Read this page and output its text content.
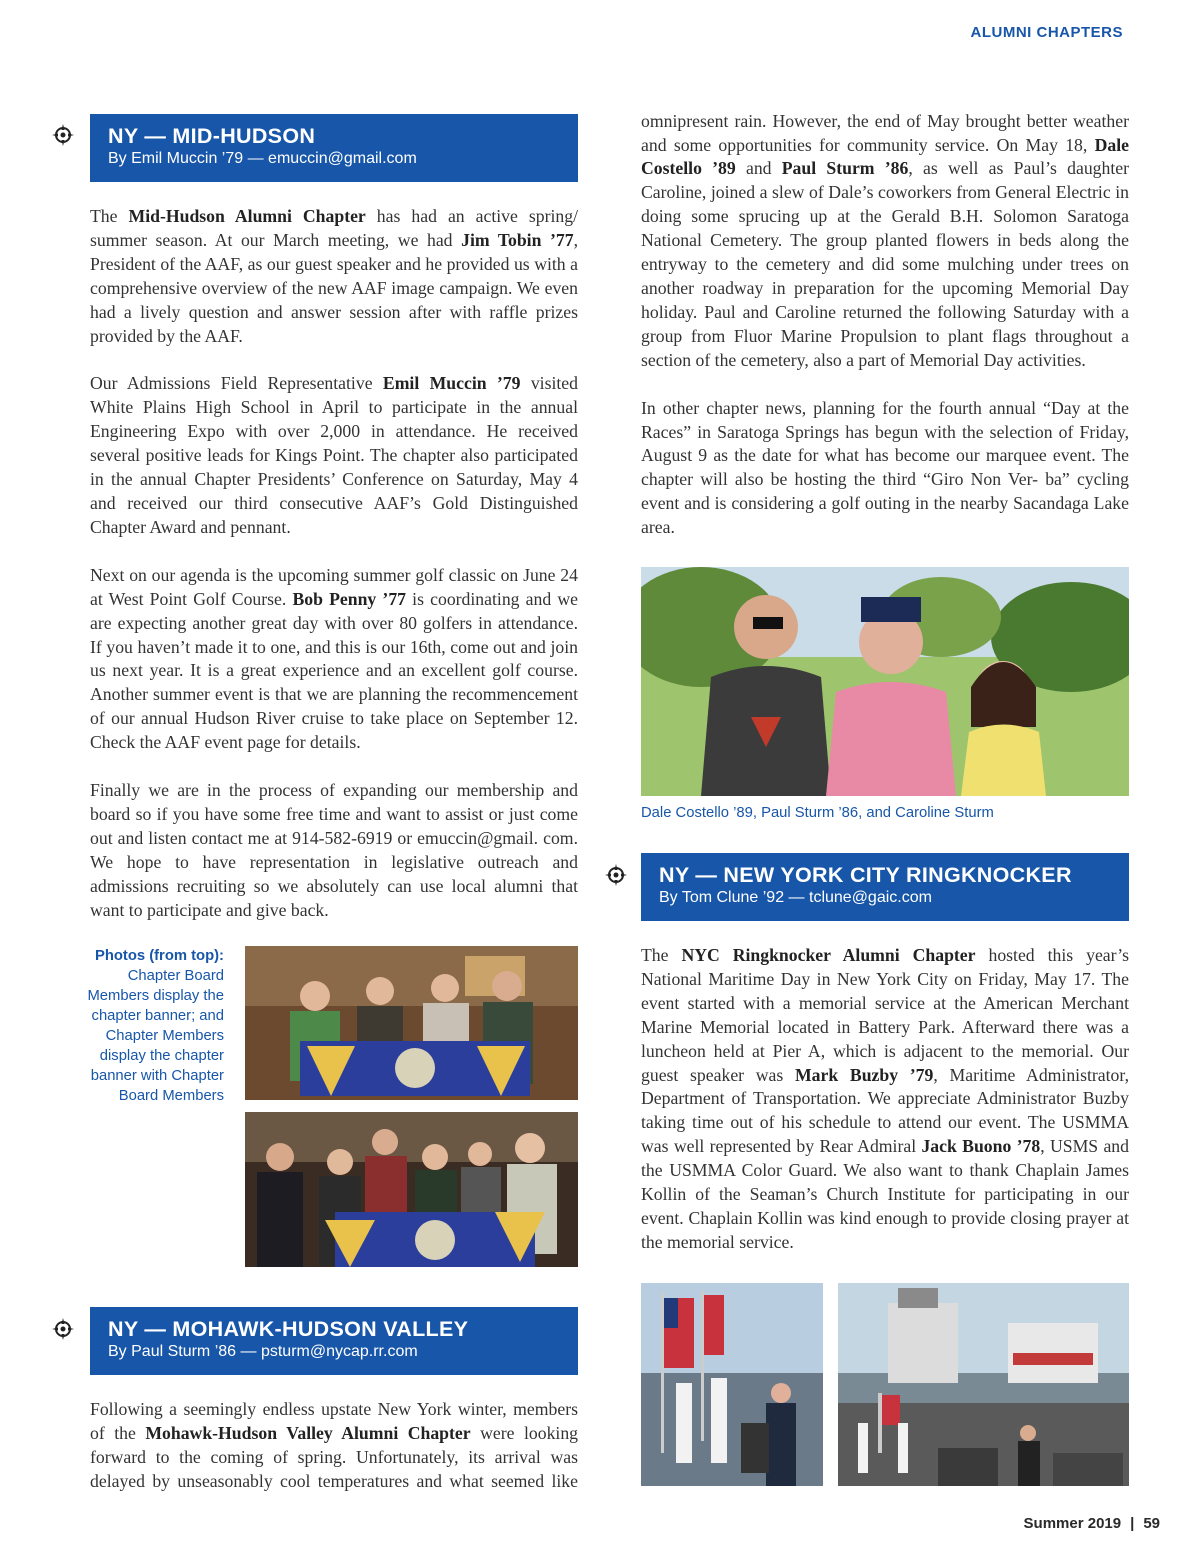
ALUMNI CHAPTERS
NY — MID-HUDSON
By Emil Muccin ’79 — emuccin@gmail.com

The Mid-Hudson Alumni Chapter has had an active spring/ summer season. At our March meeting, we had Jim Tobin ’77, President of the AAF, as our guest speaker and he provided us with a comprehensive overview of the new AAF image campaign. We even had a lively question and answer session after with raffle prizes provided by the AAF.

Our Admissions Field Representative Emil Muccin ’79 visited White Plains High School in April to participate in the annual Engineering Expo with over 2,000 in attendance. He received several positive leads for Kings Point. The chapter also participated in the annual Chapter Presidents’ Conference on Saturday, May 4 and received our third consecutive AAF’s Gold Distinguished Chapter Award and pennant.

Next on our agenda is the upcoming summer golf classic on June 24 at West Point Golf Course. Bob Penny ’77 is coordinating and we are expecting another great day with over 80 golfers in attendance. If you haven’t made it to one, and this is our 16th, come out and join us next year. It is a great experience and an excellent golf course. Another summer event is that we are planning the recommencement of our annual Hudson River cruise to take place on September 12. Check the AAF event page for details.

Finally we are in the process of expanding our membership and board so if you have some free time and want to assist or just come out and listen contact me at 914-582-6919 or emuccin@gmail. com. We hope to have representation in legislative outreach and admissions recruiting so we absolutely can use local alumni that want to participate and give back.

Photos (from top): Chapter Board Members display the chapter banner; and Chapter Members display the chapter banner with Chapter Board Members
NY — MOHAWK-HUDSON VALLEY
By Paul Sturm ’86 — psturm@nycap.rr.com

Following a seemingly endless upstate New York winter, members of the Mohawk-Hudson Valley Alumni Chapter were looking forward to the coming of spring. Unfortunately, its arrival was delayed by unseasonably cool temperatures and what seemed like

omnipresent rain. However, the end of May brought better weather and some opportunities for community service. On May 18, Dale Costello ’89 and Paul Sturm ’86, as well as Paul’s daughter Caroline, joined a slew of Dale’s coworkers from General Electric in doing some sprucing up at the Gerald B.H. Solomon Saratoga National Cemetery. The group planted flowers in beds along the entryway to the cemetery and did some mulching under trees on another roadway in preparation for the upcoming Memorial Day holiday. Paul and Caroline returned the following Saturday with a group from Fluor Marine Propulsion to plant flags throughout a section of the cemetery, also a part of Memorial Day activities.

In other chapter news, planning for the fourth annual “Day at the Races” in Saratoga Springs has begun with the selection of Friday, August 9 as the date for what has become our marquee event. The chapter will also be hosting the third “Giro Non Ver- ba” cycling event and is considering a golf outing in the nearby Sacandaga Lake area.

Dale Costello ’89, Paul Sturm ’86, and Caroline Sturm
NY — NEW YORK CITY RINGKNOCKER
By Tom Clune ’92 — tclune@gaic.com

The NYC Ringknocker Alumni Chapter hosted this year’s National Maritime Day in New York City on Friday, May 17. The event started with a memorial service at the American Merchant Marine Memorial located in Battery Park. Afterward there was a luncheon held at Pier A, which is adjacent to the memorial. Our guest speaker was Mark Buzby ’79, Maritime Administrator, Department of Transportation. We appreciate Administrator Buzby taking time out of his schedule to attend our event. The USMMA was well represented by Rear Admiral Jack Buono ’78, USMS and the USMMA Color Guard. We also want to thank Chaplain James Kollin of the Seaman’s Church Institute for participating in our event. Chaplain Kollin was kind enough to provide closing prayer at the memorial service.

Summer 2019 | 59
